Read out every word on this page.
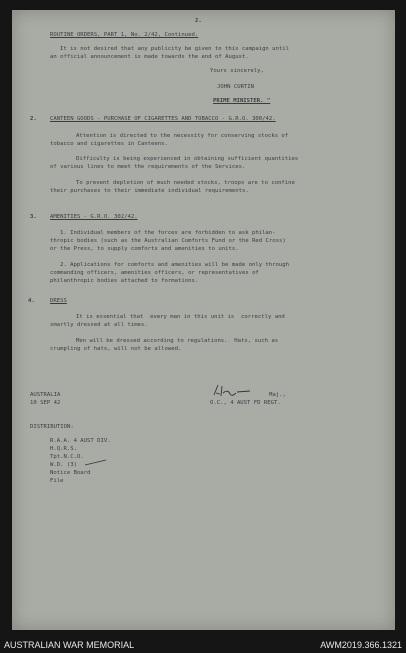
2.
ROUTINE ORDERS, PART 1, No. 2/42, Continued.
It is not desired that any publicity be given to this campaign until
an official announcement is made towards the end of August.
Yours sincerely,
JOHN CURTIN
PRIME MINISTER. "
2. CANTEEN GOODS - PURCHASE OF CIGARETTES AND TOBACCO - G.R.O. 300/42.
Attention is directed to the necessity for conserving stocks of
tobacco and cigarettes in Canteens.
Difficulty is being experienced in obtaining sufficient quantities
of various lines to meet the requirements of the Services.
To prevent depletion of much needed stocks, troops are to confine
their purchases to their immediate individual requirements.
3. AMENITIES - G.R.O. 302/42.
1. Individual members of the forces are forbidden to ask philan-
thropic bodies (such as the Australian Comforts Fund or the Red Cross)
or the Press, to supply comforts and amenities to units.
2. Applications for comforts and amenities will be made only through
commanding officers, amenities officers, or representatives of
philanthropic bodies attached to formations.
4.	DRESS
It is essential that  every man in this unit is  correctly and
smartly dressed at all times.
Men will be dressed according to regulations.  Hats, such as
crumpling of hats, will not be allowed.
AUSTRALIA
10 SEP 42
Maj.,
O.C., 4 AUST FD REGT.
DISTRIBUTION:
R.A.A. 4 AUST DIV.
H.Q.R.S.
Tpt.N.C.O.
W.D. (3)
Notice Board
File
AUSTRALIAN WAR MEMORIAL	AWM2019.366.1321
